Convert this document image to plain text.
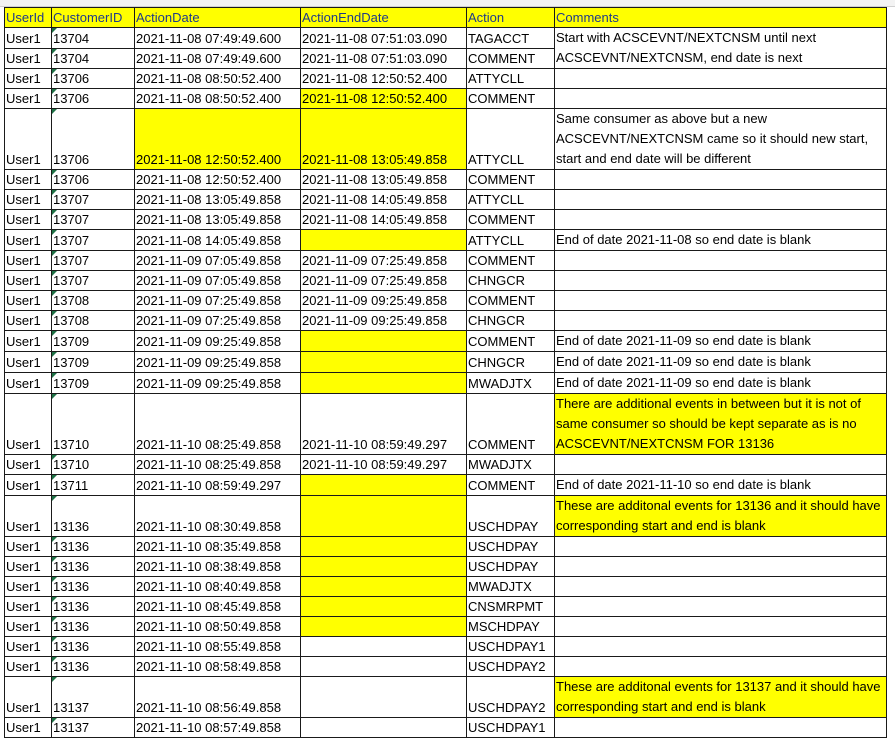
UserId	CustomerID	ActionDate	ActionEndDate	Action	Comments
User1	13704	2021-11-08 07:49:49.600	2021-11-08 07:51:03.090	TAGACCT	Start with ACSCEVNT/NEXTCNSM until next
User1	13704	2021-11-08 07:49:49.600	2021-11-08 07:51:03.090	COMMENT	ACSCEVNT/NEXTCNSM, end date is next
User1	13706	2021-11-08 08:50:52.400	2021-11-08 12:50:52.400	ATTYCLL	
User1	13706	2021-11-08 08:50:52.400	2021-11-08 12:50:52.400	COMMENT	
User1	13706	2021-11-08 12:50:52.400	2021-11-08 13:05:49.858	ATTYCLL	Same consumer as above but a new ACSCEVNT/NEXTCNSM came so it should new start, start and end date will be different
User1	13706	2021-11-08 12:50:52.400	2021-11-08 13:05:49.858	COMMENT	
User1	13707	2021-11-08 13:05:49.858	2021-11-08 14:05:49.858	ATTYCLL	
User1	13707	2021-11-08 13:05:49.858	2021-11-08 14:05:49.858	COMMENT	
User1	13707	2021-11-08 14:05:49.858		ATTYCLL	End of date 2021-11-08 so end date is blank
User1	13707	2021-11-09 07:05:49.858	2021-11-09 07:25:49.858	COMMENT	
User1	13707	2021-11-09 07:05:49.858	2021-11-09 07:25:49.858	CHNGCR	
User1	13708	2021-11-09 07:25:49.858	2021-11-09 09:25:49.858	COMMENT	
User1	13708	2021-11-09 07:25:49.858	2021-11-09 09:25:49.858	CHNGCR	
User1	13709	2021-11-09 09:25:49.858		COMMENT	End of date 2021-11-09 so end date is blank
User1	13709	2021-11-09 09:25:49.858		CHNGCR	End of date 2021-11-09 so end date is blank
User1	13709	2021-11-09 09:25:49.858		MWADJTX	End of date 2021-11-09 so end date is blank
User1	13710	2021-11-10 08:25:49.858	2021-11-10 08:59:49.297	COMMENT	There are additional events in between but it is not of same consumer so should be kept separate as is no ACSCEVNT/NEXTCNSM FOR 13136
User1	13710	2021-11-10 08:25:49.858	2021-11-10 08:59:49.297	MWADJTX	
User1	13711	2021-11-10 08:59:49.297		COMMENT	End of date 2021-11-10 so end date is blank
User1	13136	2021-11-10 08:30:49.858		USCHDPAY	These are additonal events for 13136 and it should have corresponding start and end is blank
User1	13136	2021-11-10 08:35:49.858		USCHDPAY	
User1	13136	2021-11-10 08:38:49.858		USCHDPAY	
User1	13136	2021-11-10 08:40:49.858		MWADJTX	
User1	13136	2021-11-10 08:45:49.858		CNSMRPMT	
User1	13136	2021-11-10 08:50:49.858		MSCHDPAY	
User1	13136	2021-11-10 08:55:49.858		USCHDPAY1	
User1	13136	2021-11-10 08:58:49.858		USCHDPAY2	
User1	13137	2021-11-10 08:56:49.858		USCHDPAY2	These are additonal events for 13137 and it should have corresponding start and end is blank
User1	13137	2021-11-10 08:57:49.858		USCHDPAY1	
